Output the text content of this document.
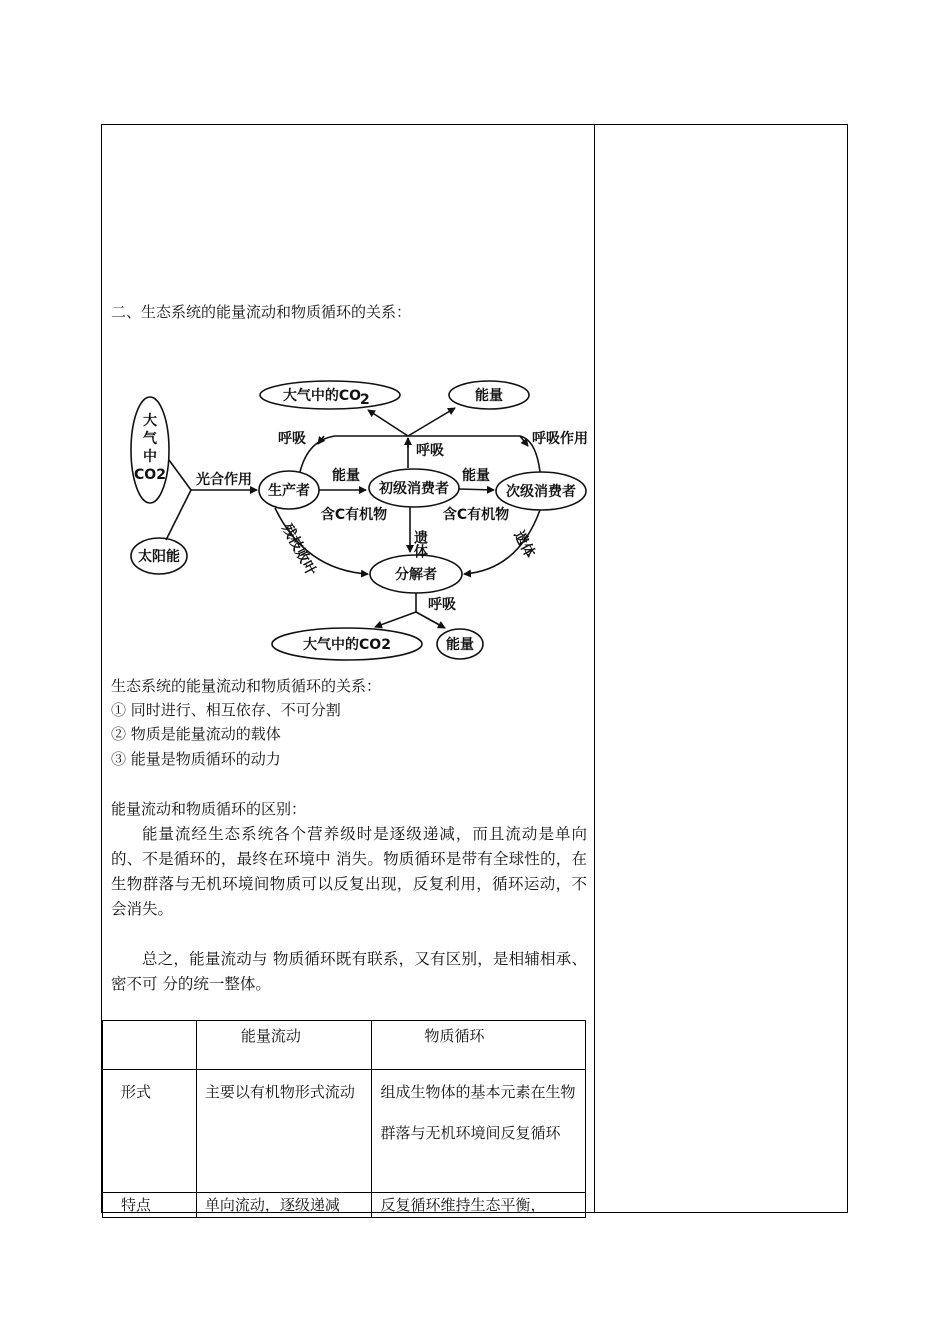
二、生态系统的能量流动和物质循环的关系：
大
气
中
CO2
太阳能
光合作用
生产者	初级消费者	次级消费者
分解者
大气中的CO
2	能量
呼吸
呼吸
呼吸作用
能量	能量
含C有机物	含C有机物
残枝败叶	遗体	遗体
呼吸
大气中的CO2	能量
生态系统的能量流动和物质循环的关系：
① 同时进行、相互依存、不可分割
② 物质是能量流动的载体
③ 能量是物质循环的动力
能量流动和物质循环的区别：
能量流经生态系统各个营养级时是逐级递减，而且流动是单向的、不是循环的，最终在环境中 消失。物质循环是带有全球性的，在生物群落与无机环境间物质可以反复出现，反复利用，循环运动，不会消失。
总之，能量流动与 物质循环既有联系，又有区别，是相辅相承、密不可 分的统一整体。
	能量流动	物质循环
形式	主要以有机物形式流动	组成生物体的基本元素在生物群落与无机环境间反复循环
特点	单向流动，逐级递减	反复循环维持生态平衡，
